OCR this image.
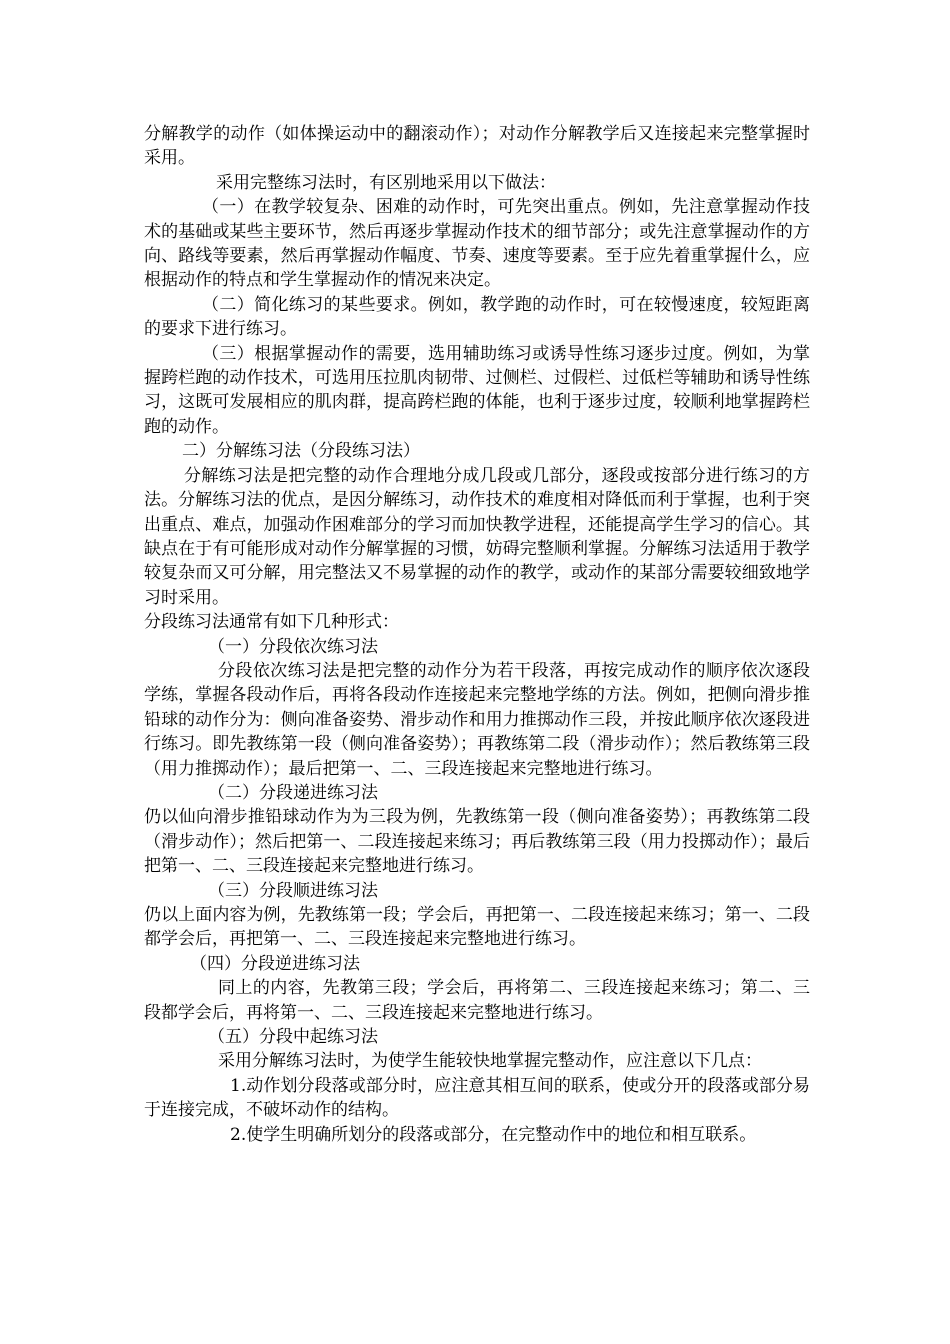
分解教学的动作（如体操运动中的翻滚动作）；对动作分解教学后又连接起来完整掌握时采用。

采用完整练习法时，有区别地采用以下做法：

（一）在教学较复杂、困难的动作时，可先突出重点。例如，先注意掌握动作技术的基础或某些主要环节，然后再逐步掌握动作技术的细节部分；或先注意掌握动作的方向、路线等要素，然后再掌握动作幅度、节奏、速度等要素。至于应先着重掌握什么，应根据动作的特点和学生掌握动作的情况来决定。

（二）简化练习的某些要求。例如，教学跑的动作时，可在较慢速度，较短距离的要求下进行练习。

（三）根据掌握动作的需要，选用辅助练习或诱导性练习逐步过度。例如，为掌握跨栏跑的动作技术，可选用压拉肌肉韧带、过侧栏、过假栏、过低栏等辅助和诱导性练习，这既可发展相应的肌肉群，提高跨栏跑的体能，也利于逐步过度，较顺利地掌握跨栏跑的动作。

二）分解练习法（分段练习法）

分解练习法是把完整的动作合理地分成几段或几部分，逐段或按部分进行练习的方法。分解练习法的优点，是因分解练习，动作技术的难度相对降低而利于掌握，也利于突出重点、难点，加强动作困难部分的学习而加快教学进程，还能提高学生学习的信心。其缺点在于有可能形成对动作分解掌握的习惯，妨碍完整顺利掌握。分解练习法适用于教学较复杂而又可分解，用完整法又不易掌握的动作的教学，或动作的某部分需要较细致地学习时采用。

分段练习法通常有如下几种形式：

（一）分段依次练习法

分段依次练习法是把完整的动作分为若干段落，再按完成动作的顺序依次逐段学练，掌握各段动作后，再将各段动作连接起来完整地学练的方法。例如，把侧向滑步推铅球的动作分为：侧向准备姿势、滑步动作和用力推掷动作三段，并按此顺序依次逐段进行练习。即先教练第一段（侧向准备姿势）；再教练第二段（滑步动作）；然后教练第三段（用力推掷动作）；最后把第一、二、三段连接起来完整地进行练习。

（二）分段递进练习法

仍以仙向滑步推铅球动作为为三段为例，先教练第一段（侧向准备姿势）；再教练第二段（滑步动作）；然后把第一、二段连接起来练习；再后教练第三段（用力投掷动作）；最后把第一、二、三段连接起来完整地进行练习。

（三）分段顺进练习法

仍以上面内容为例，先教练第一段；学会后，再把第一、二段连接起来练习；第一、二段都学会后，再把第一、二、三段连接起来完整地进行练习。

（四）分段逆进练习法

同上的内容，先教第三段；学会后，再将第二、三段连接起来练习；第二、三段都学会后，再将第一、二、三段连接起来完整地进行练习。

（五）分段中起练习法

采用分解练习法时，为使学生能较快地掌握完整动作，应注意以下几点：

1.动作划分段落或部分时，应注意其相互间的联系，使或分开的段落或部分易于连接完成，不破坏动作的结构。

2.使学生明确所划分的段落或部分，在完整动作中的地位和相互联系。
